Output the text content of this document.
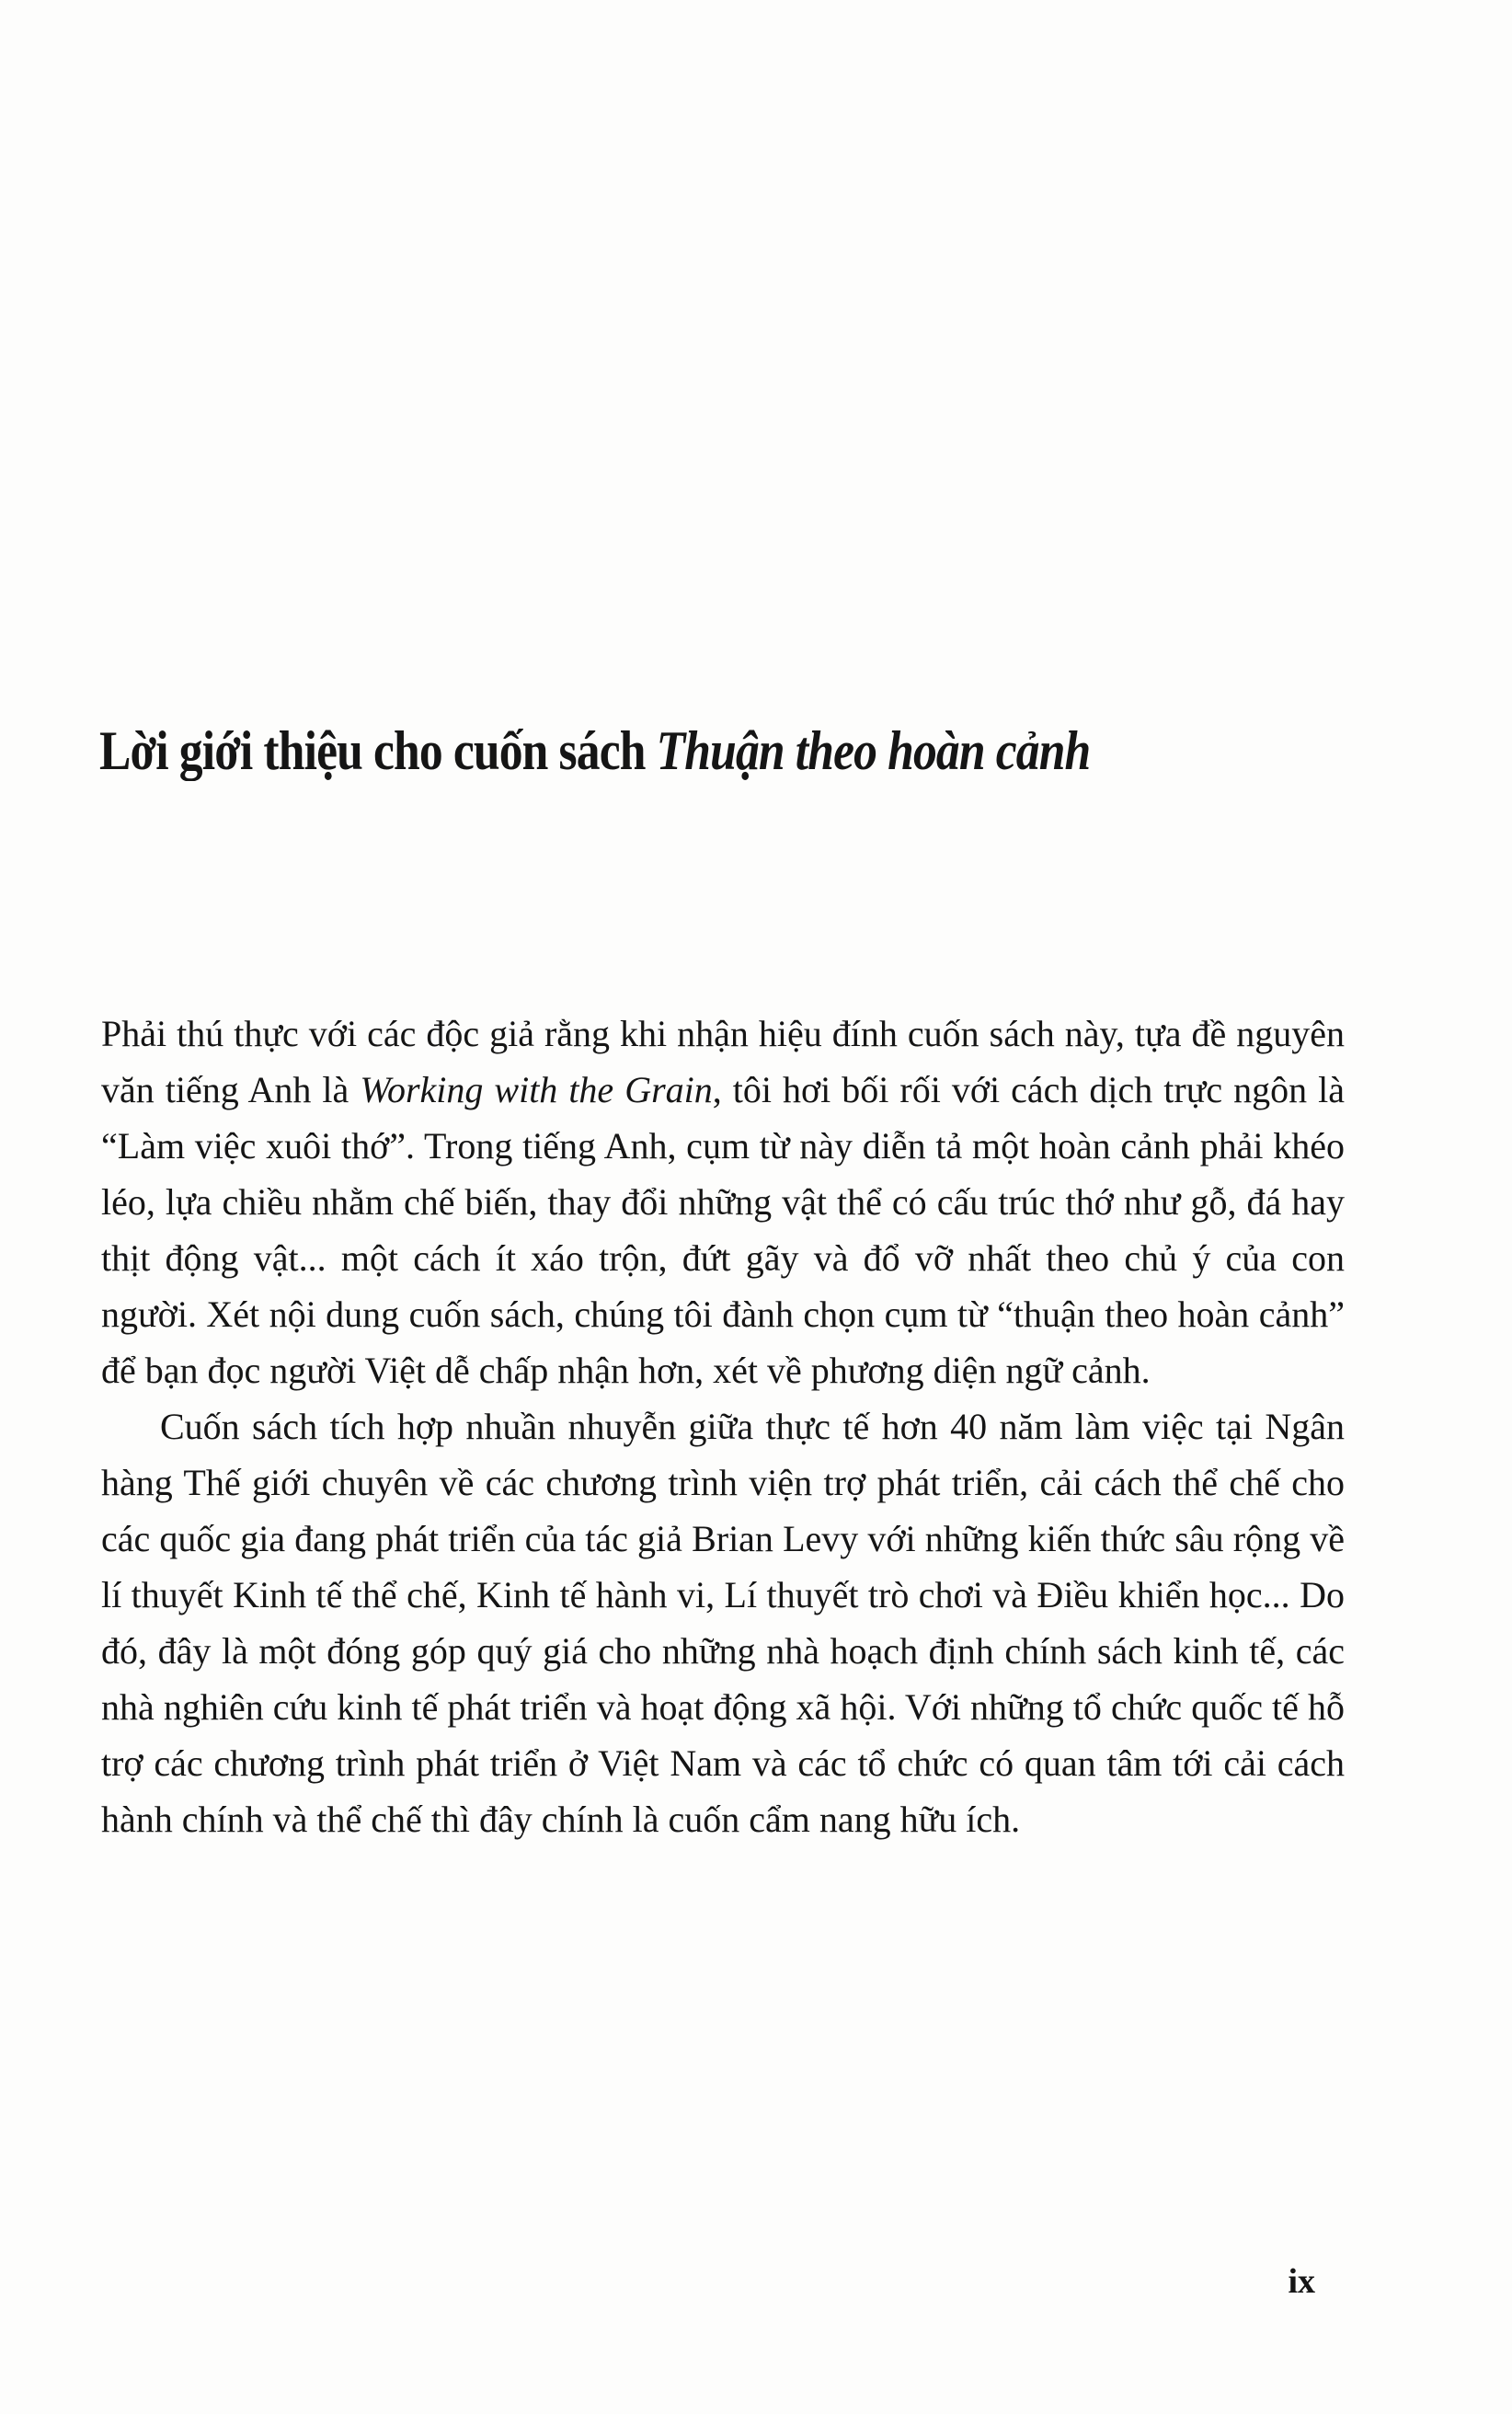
Lời giới thiệu cho cuốn sách Thuận theo hoàn cảnh

Phải thú thực với các độc giả rằng khi nhận hiệu đính cuốn sách này, tựa đề nguyên văn tiếng Anh là Working with the Grain, tôi hơi bối rối với cách dịch trực ngôn là “Làm việc xuôi thớ”. Trong tiếng Anh, cụm từ này diễn tả một hoàn cảnh phải khéo léo, lựa chiều nhằm chế biến, thay đổi những vật thể có cấu trúc thớ như gỗ, đá hay thịt động vật... một cách ít xáo trộn, đứt gãy và đổ vỡ nhất theo chủ ý của con người. Xét nội dung cuốn sách, chúng tôi đành chọn cụm từ “thuận theo hoàn cảnh” để bạn đọc người Việt dễ chấp nhận hơn, xét về phương diện ngữ cảnh.

Cuốn sách tích hợp nhuần nhuyễn giữa thực tế hơn 40 năm làm việc tại Ngân hàng Thế giới chuyên về các chương trình viện trợ phát triển, cải cách thể chế cho các quốc gia đang phát triển của tác giả Brian Levy với những kiến thức sâu rộng về lí thuyết Kinh tế thể chế, Kinh tế hành vi, Lí thuyết trò chơi và Điều khiển học... Do đó, đây là một đóng góp quý giá cho những nhà hoạch định chính sách kinh tế, các nhà nghiên cứu kinh tế phát triển và hoạt động xã hội. Với những tổ chức quốc tế hỗ trợ các chương trình phát triển ở Việt Nam và các tổ chức có quan tâm tới cải cách hành chính và thể chế thì đây chính là cuốn cẩm nang hữu ích.

ix
